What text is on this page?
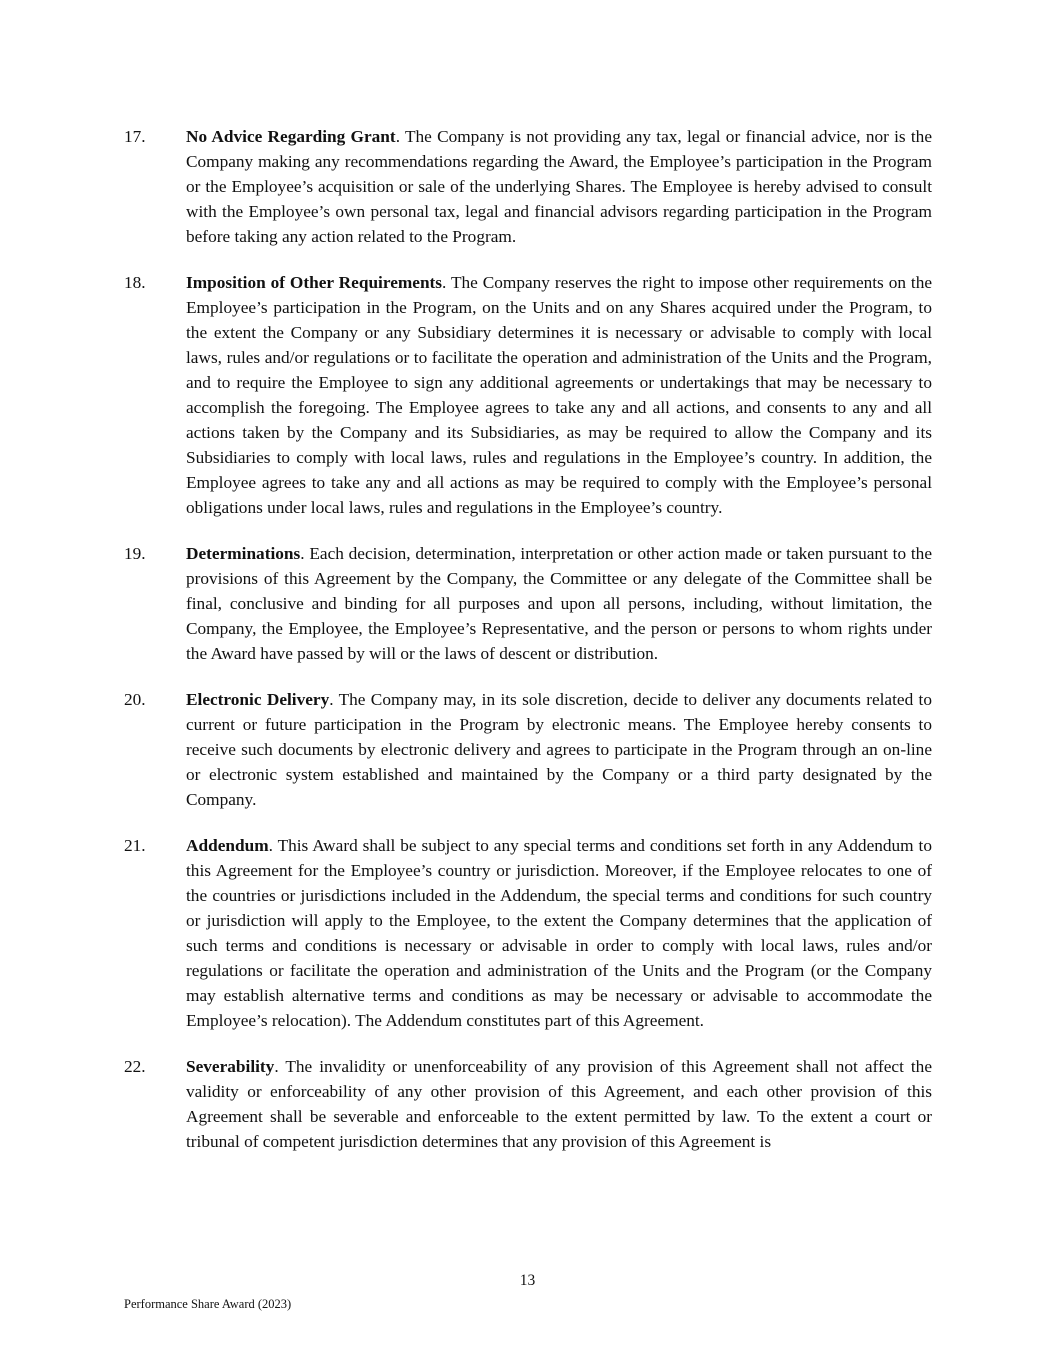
17.	No Advice Regarding Grant. The Company is not providing any tax, legal or financial advice, nor is the Company making any recommendations regarding the Award, the Employee’s participation in the Program or the Employee’s acquisition or sale of the underlying Shares. The Employee is hereby advised to consult with the Employee’s own personal tax, legal and financial advisors regarding participation in the Program before taking any action related to the Program.
18.	Imposition of Other Requirements. The Company reserves the right to impose other requirements on the Employee’s participation in the Program, on the Units and on any Shares acquired under the Program, to the extent the Company or any Subsidiary determines it is necessary or advisable to comply with local laws, rules and/or regulations or to facilitate the operation and administration of the Units and the Program, and to require the Employee to sign any additional agreements or undertakings that may be necessary to accomplish the foregoing. The Employee agrees to take any and all actions, and consents to any and all actions taken by the Company and its Subsidiaries, as may be required to allow the Company and its Subsidiaries to comply with local laws, rules and regulations in the Employee’s country. In addition, the Employee agrees to take any and all actions as may be required to comply with the Employee’s personal obligations under local laws, rules and regulations in the Employee’s country.
19.	Determinations. Each decision, determination, interpretation or other action made or taken pursuant to the provisions of this Agreement by the Company, the Committee or any delegate of the Committee shall be final, conclusive and binding for all purposes and upon all persons, including, without limitation, the Company, the Employee, the Employee’s Representative, and the person or persons to whom rights under the Award have passed by will or the laws of descent or distribution.
20.	Electronic Delivery. The Company may, in its sole discretion, decide to deliver any documents related to current or future participation in the Program by electronic means. The Employee hereby consents to receive such documents by electronic delivery and agrees to participate in the Program through an on-line or electronic system established and maintained by the Company or a third party designated by the Company.
21.	Addendum. This Award shall be subject to any special terms and conditions set forth in any Addendum to this Agreement for the Employee’s country or jurisdiction. Moreover, if the Employee relocates to one of the countries or jurisdictions included in the Addendum, the special terms and conditions for such country or jurisdiction will apply to the Employee, to the extent the Company determines that the application of such terms and conditions is necessary or advisable in order to comply with local laws, rules and/or regulations or facilitate the operation and administration of the Units and the Program (or the Company may establish alternative terms and conditions as may be necessary or advisable to accommodate the Employee’s relocation). The Addendum constitutes part of this Agreement.
22.	Severability. The invalidity or unenforceability of any provision of this Agreement shall not affect the validity or enforceability of any other provision of this Agreement, and each other provision of this Agreement shall be severable and enforceable to the extent permitted by law. To the extent a court or tribunal of competent jurisdiction determines that any provision of this Agreement is
13
Performance Share Award (2023)
